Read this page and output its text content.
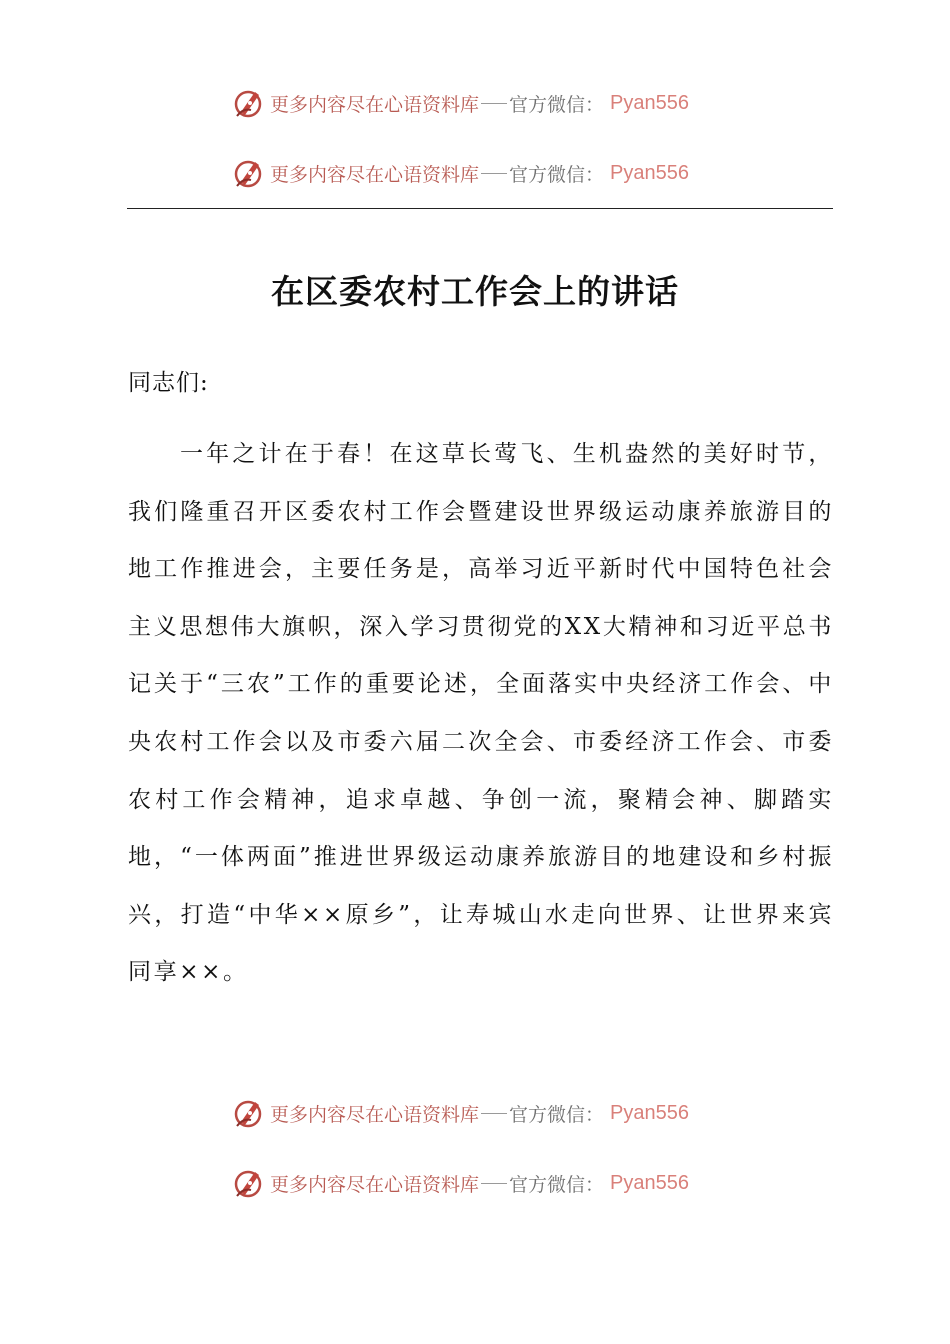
更多内容尽在心语资料库 官方微信： Pyan556
更多内容尽在心语资料库 官方微信： Pyan556
在区委农村工作会上的讲话
同志们:

一年之计在于春！在这草长莺飞、生机盎然的美好时节，我们隆重召开区委农村工作会暨建设世界级运动康养旅游目的地工作推进会，主要任务是，高举习近平新时代中国特色社会主义思想伟大旗帜，深入学习贯彻党的XX大精神和习近平总书记关于“三农”工作的重要论述，全面落实中央经济工作会、中央农村工作会以及市委六届二次全会、市委经济工作会、市委农村工作会精神，追求卓越、争创一流，聚精会神、脚踏实地，“一体两面”推进世界级运动康养旅游目的地建设和乡村振兴，打造“中华××原乡”，让寿城山水走向世界、让世界来宾同享××。

更多内容尽在心语资料库 官方微信： Pyan556
更多内容尽在心语资料库 官方微信： Pyan556
